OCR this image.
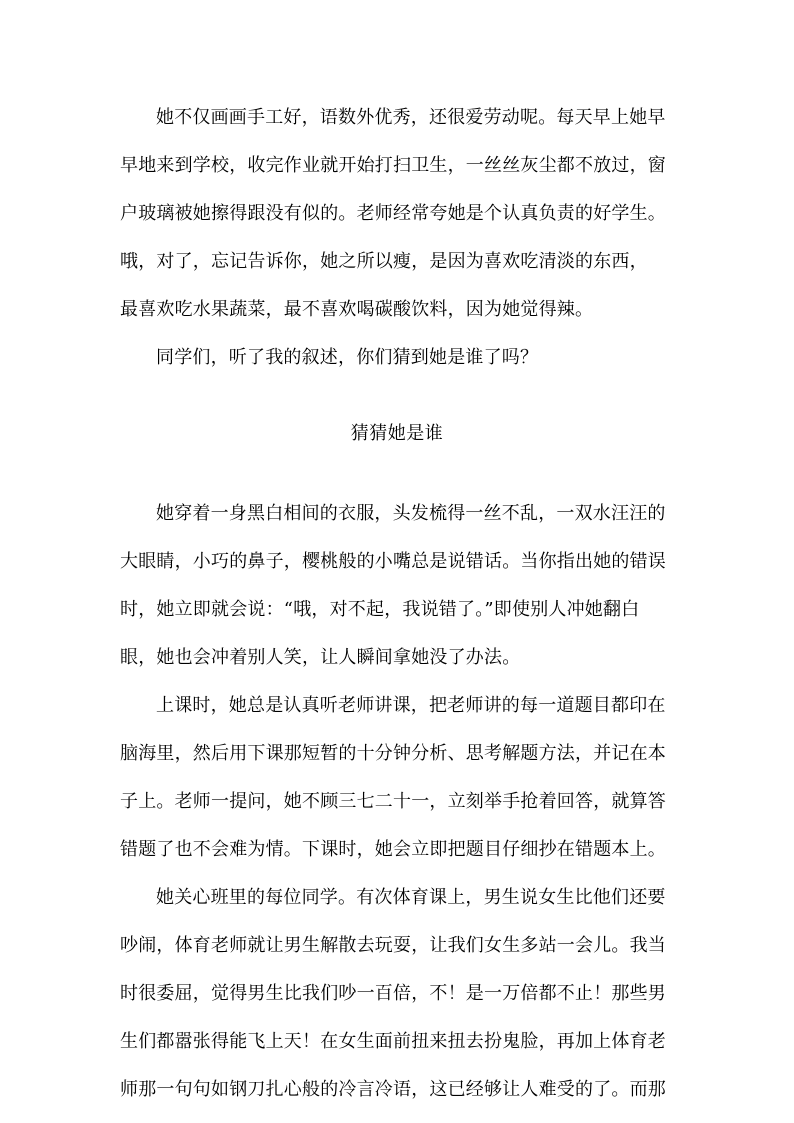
她不仅画画手工好，语数外优秀，还很爱劳动呢。每天早上她早
早地来到学校，收完作业就开始打扫卫生，一丝丝灰尘都不放过，窗
户玻璃被她擦得跟没有似的。老师经常夸她是个认真负责的好学生。
哦，对了，忘记告诉你，她之所以瘦，是因为喜欢吃清淡的东西，
最喜欢吃水果蔬菜，最不喜欢喝碳酸饮料，因为她觉得辣。
同学们，听了我的叙述，你们猜到她是谁了吗？
猜猜她是谁
她穿着一身黑白相间的衣服，头发梳得一丝不乱，一双水汪汪的
大眼睛，小巧的鼻子，樱桃般的小嘴总是说错话。当你指出她的错误
时，她立即就会说：“哦，对不起，我说错了。”即使别人冲她翻白
眼，她也会冲着别人笑，让人瞬间拿她没了办法。
上课时，她总是认真听老师讲课，把老师讲的每一道题目都印在
脑海里，然后用下课那短暂的十分钟分析、思考解题方法，并记在本
子上。老师一提问，她不顾三七二十一，立刻举手抢着回答，就算答
错题了也不会难为情。下课时，她会立即把题目仔细抄在错题本上。
她关心班里的每位同学。有次体育课上，男生说女生比他们还要
吵闹，体育老师就让男生解散去玩耍，让我们女生多站一会儿。我当
时很委屈，觉得男生比我们吵一百倍，不！是一万倍都不止！那些男
生们都嚣张得能飞上天！在女生面前扭来扭去扮鬼脸，再加上体育老
师那一句句如钢刀扎心般的冷言冷语，这已经够让人难受的了。而那
